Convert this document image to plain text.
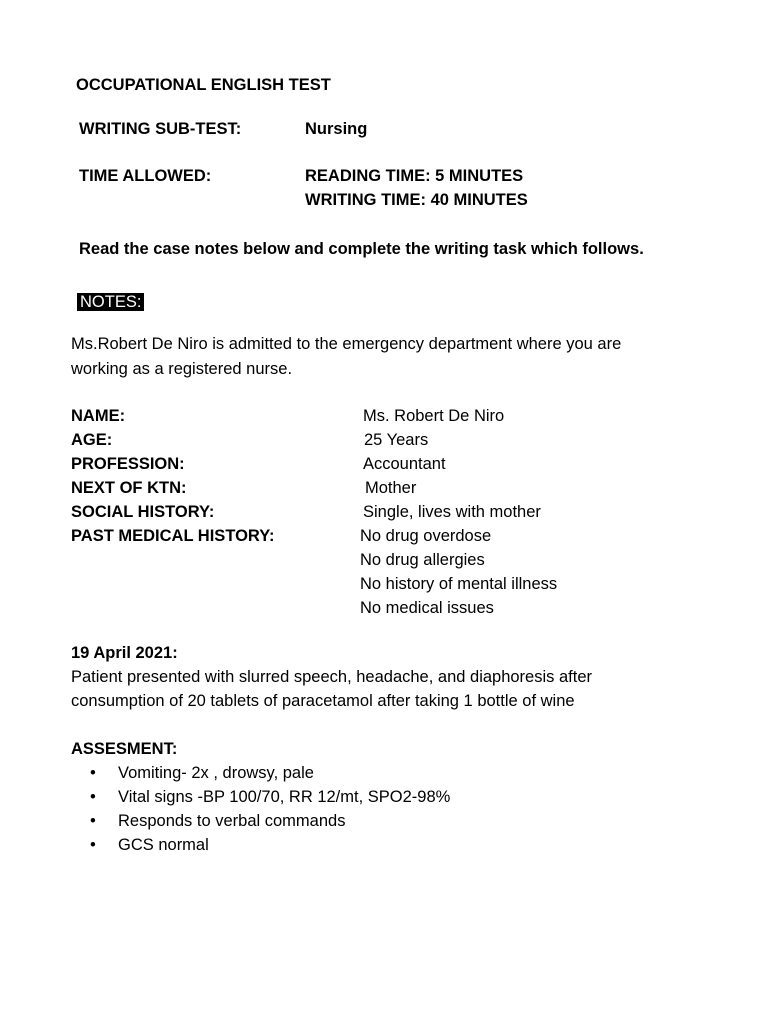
OCCUPATIONAL ENGLISH TEST
WRITING SUB-TEST:	Nursing
TIME ALLOWED:	READING TIME: 5 MINUTES
WRITING TIME: 40 MINUTES
Read the case notes below and complete the writing task which follows.
NOTES:
Ms.Robert De Niro is admitted to the emergency department where you are
working as a registered nurse.
NAME:	Ms. Robert De Niro
AGE:	25 Years
PROFESSION:	Accountant
NEXT OF KTN:	Mother
SOCIAL HISTORY:	Single, lives with mother
PAST MEDICAL HISTORY:	No drug overdose
No drug allergies
No history of mental illness
No medical issues
19 April 2021:
Patient presented with slurred speech, headache, and diaphoresis after
consumption of 20 tablets of paracetamol after taking 1 bottle of wine
ASSESMENT:
• Vomiting- 2x , drowsy, pale
• Vital signs -BP 100/70, RR 12/mt, SPO2-98%
• Responds to verbal commands
• GCS normal
